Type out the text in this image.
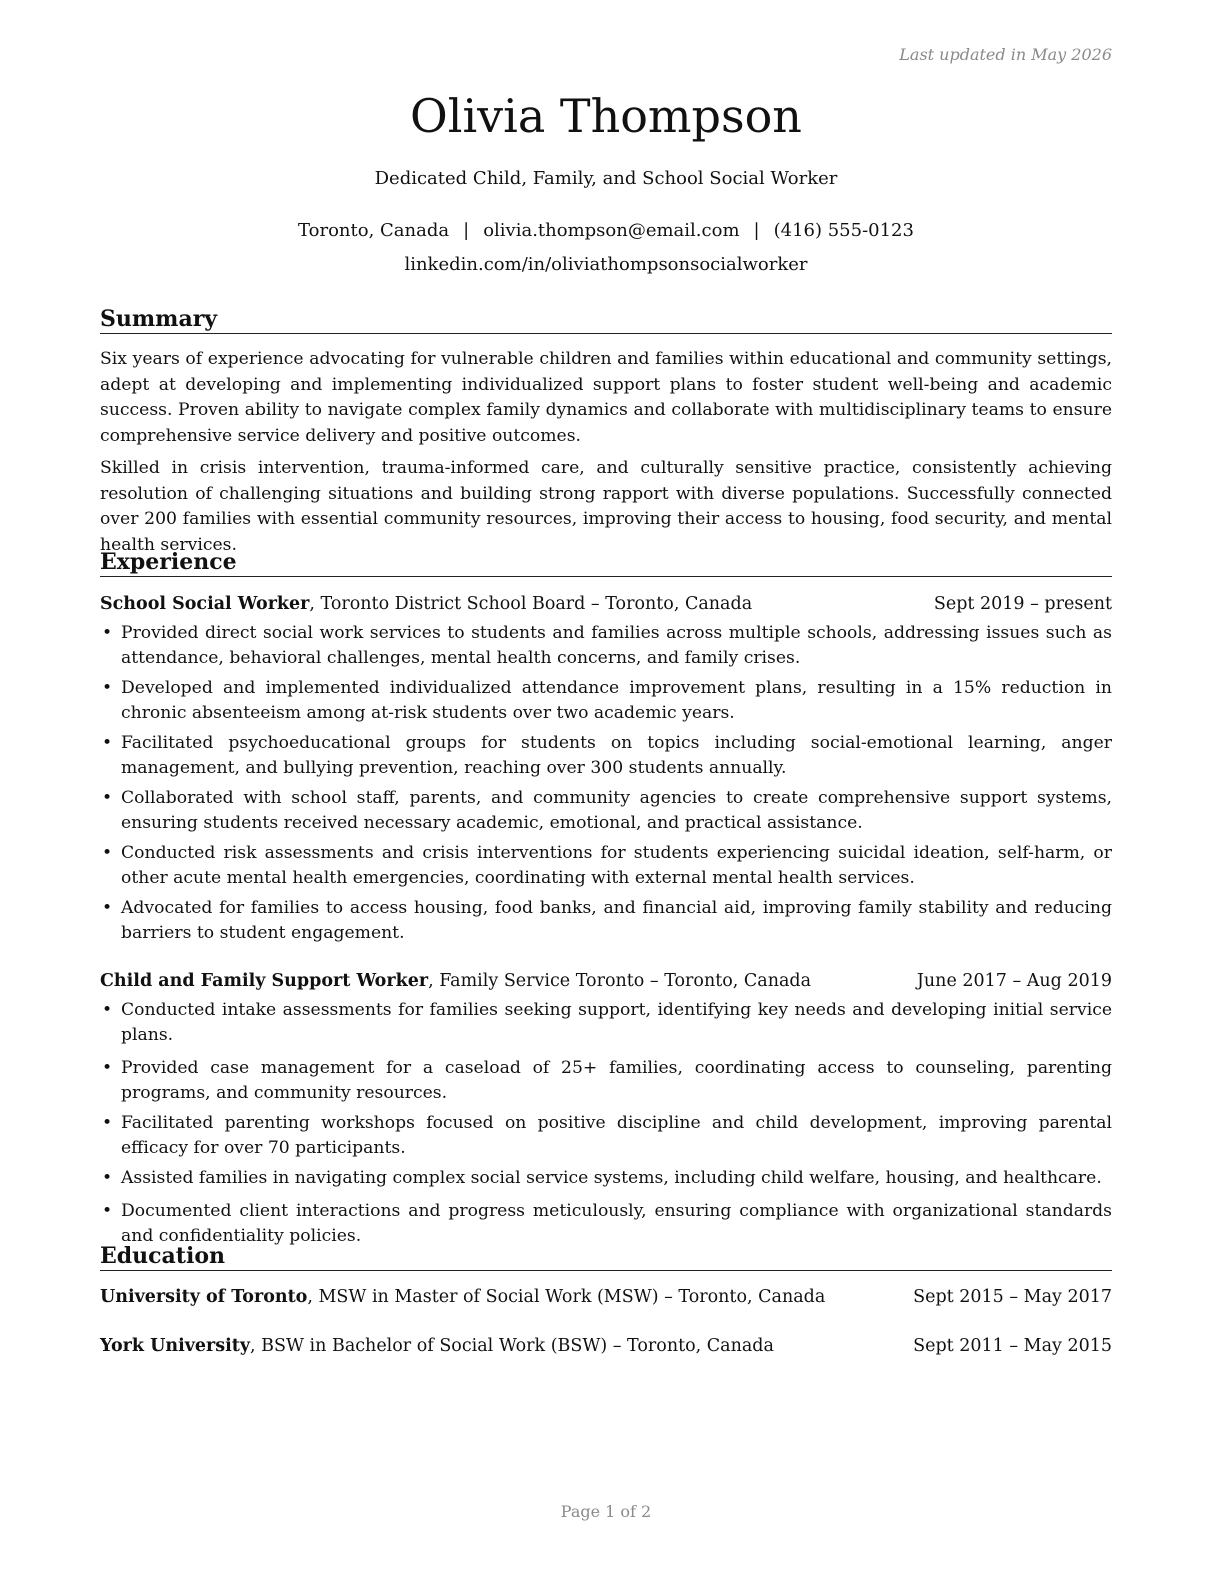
Last updated in May 2026
Olivia Thompson
Dedicated Child, Family, and School Social Worker
Toronto, Canada | olivia.thompson@email.com | (416) 555-0123
linkedin.com/in/oliviathompsonsocialworker
Summary
Six years of experience advocating for vulnerable children and families within educational and community settings, adept at developing and implementing individualized support plans to foster student well-being and academic success. Proven ability to navigate complex family dynamics and collaborate with multidisciplinary teams to ensure comprehensive service delivery and positive outcomes.
Skilled in crisis intervention, trauma-informed care, and culturally sensitive practice, consistently achieving resolution of challenging situations and building strong rapport with diverse populations. Successfully connected over 200 families with essential community resources, improving their access to housing, food security, and mental health services.
Experience
School Social Worker, Toronto District School Board – Toronto, Canada	Sept 2019 – present
• Provided direct social work services to students and families across multiple schools, addressing issues such as attendance, behavioral challenges, mental health concerns, and family crises.
• Developed and implemented individualized attendance improvement plans, resulting in a 15% reduction in chronic absenteeism among at-risk students over two academic years.
• Facilitated psychoeducational groups for students on topics including social-emotional learning, anger management, and bullying prevention, reaching over 300 students annually.
• Collaborated with school staff, parents, and community agencies to create comprehensive support systems, ensuring students received necessary academic, emotional, and practical assistance.
• Conducted risk assessments and crisis interventions for students experiencing suicidal ideation, self-harm, or other acute mental health emergencies, coordinating with external mental health services.
• Advocated for families to access housing, food banks, and financial aid, improving family stability and reducing barriers to student engagement.
Child and Family Support Worker, Family Service Toronto – Toronto, Canada	June 2017 – Aug 2019
• Conducted intake assessments for families seeking support, identifying key needs and developing initial service plans.
• Provided case management for a caseload of 25+ families, coordinating access to counseling, parenting programs, and community resources.
• Facilitated parenting workshops focused on positive discipline and child development, improving parental efficacy for over 70 participants.
• Assisted families in navigating complex social service systems, including child welfare, housing, and healthcare.
• Documented client interactions and progress meticulously, ensuring compliance with organizational standards and confidentiality policies.
Education
University of Toronto, MSW in Master of Social Work (MSW) – Toronto, Canada	Sept 2015 – May 2017
York University, BSW in Bachelor of Social Work (BSW) – Toronto, Canada	Sept 2011 – May 2015
Page 1 of 2
